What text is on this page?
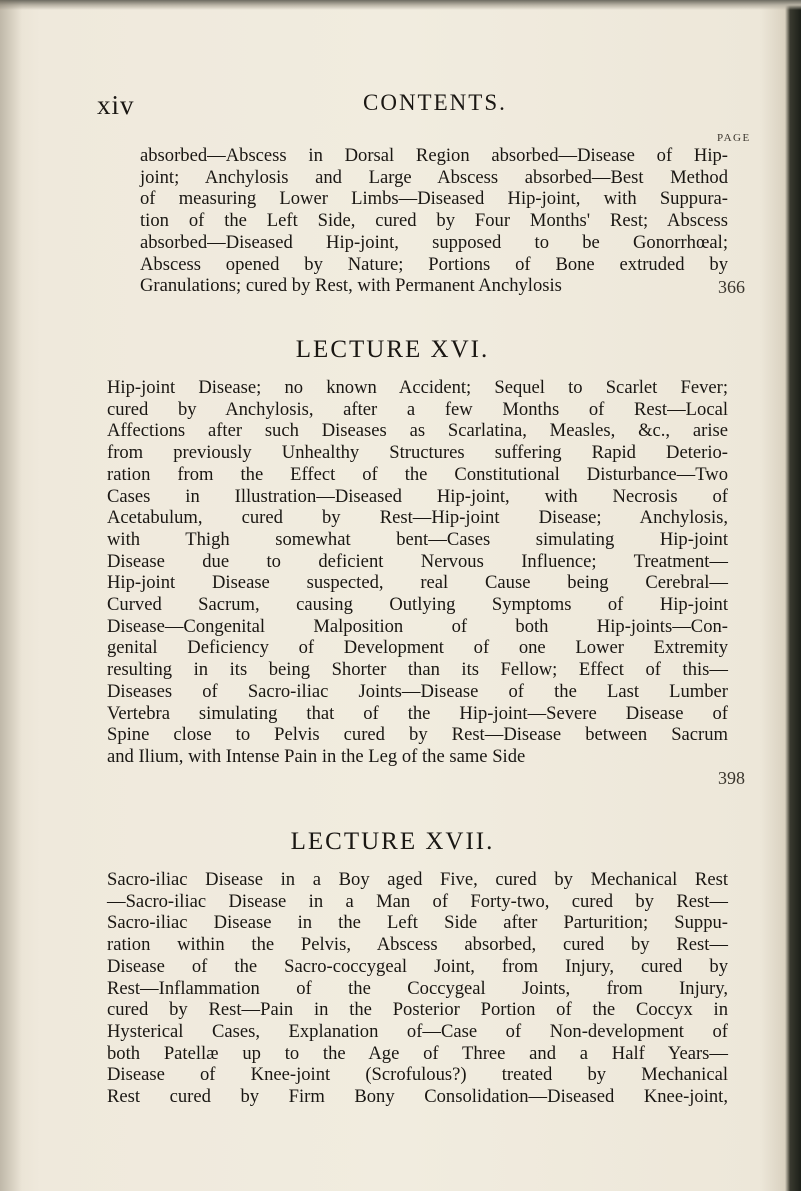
xiv	CONTENTS.
PAGE

absorbed—Abscess in Dorsal Region absorbed—Disease of Hip-
joint; Anchylosis and Large Abscess absorbed—Best Method
of measuring Lower Limbs—Diseased Hip-joint, with Suppura-
tion of the Left Side, cured by Four Months' Rest; Abscess
absorbed—Diseased Hip-joint, supposed to be Gonorrhœal;
Abscess opened by Nature; Portions of Bone extruded by
Granulations; cured by Rest, with Permanent Anchylosis	366
LECTURE XVI.

Hip-joint Disease; no known Accident; Sequel to Scarlet Fever;
cured by Anchylosis, after a few Months of Rest—Local
Affections after such Diseases as Scarlatina, Measles, &c., arise
from previously Unhealthy Structures suffering Rapid Deterio-
ration from the Effect of the Constitutional Disturbance—Two
Cases in Illustration—Diseased Hip-joint, with Necrosis of
Acetabulum, cured by Rest—Hip-joint Disease; Anchylosis,
with Thigh somewhat bent—Cases simulating Hip-joint
Disease due to deficient Nervous Influence; Treatment—
Hip-joint Disease suspected, real Cause being Cerebral—
Curved Sacrum, causing Outlying Symptoms of Hip-joint
Disease—Congenital Malposition of both Hip-joints—Con-
genital Deficiency of Development of one Lower Extremity
resulting in its being Shorter than its Fellow; Effect of this—
Diseases of Sacro-iliac Joints—Disease of the Last Lumber
Vertebra simulating that of the Hip-joint—Severe Disease of
Spine close to Pelvis cured by Rest—Disease between Sacrum
and Ilium, with Intense Pain in the Leg of the same Side

398
LECTURE XVII.

Sacro-iliac Disease in a Boy aged Five, cured by Mechanical Rest
—Sacro-iliac Disease in a Man of Forty-two, cured by Rest—
Sacro-iliac Disease in the Left Side after Parturition; Suppu-
ration within the Pelvis, Abscess absorbed, cured by Rest—
Disease of the Sacro-coccygeal Joint, from Injury, cured by
Rest—Inflammation of the Coccygeal Joints, from Injury,
cured by Rest—Pain in the Posterior Portion of the Coccyx in
Hysterical Cases, Explanation of—Case of Non-development of
both Patellæ up to the Age of Three and a Half Years—
Disease of Knee-joint (Scrofulous?) treated by Mechanical
Rest cured by Firm Bony Consolidation—Diseased Knee-joint,
